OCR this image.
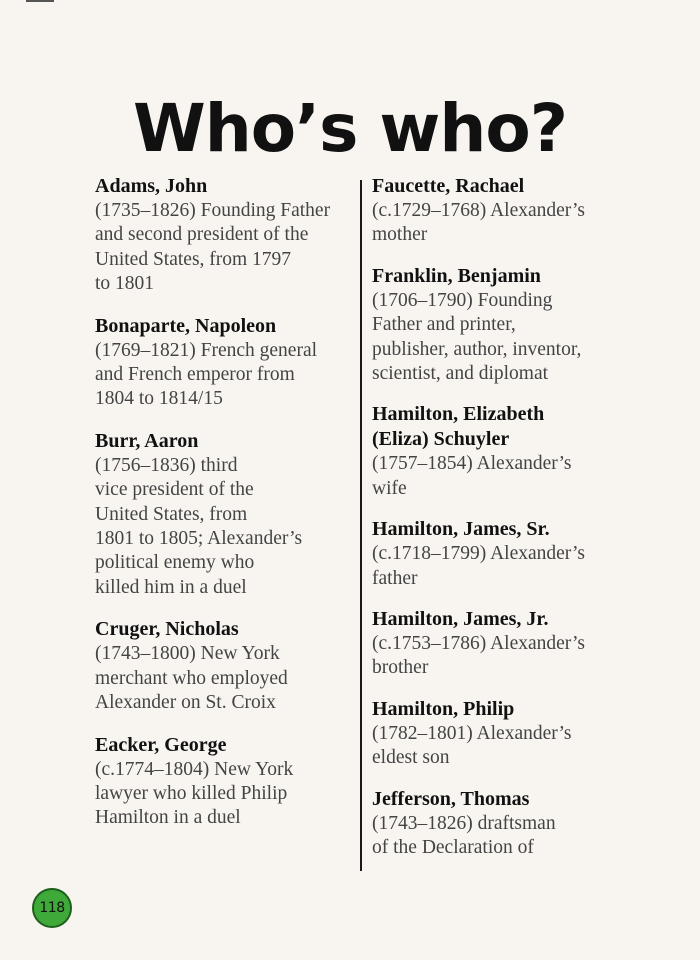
Who’s who?
Adams, John
(1735–1826) Founding Father
and second president of the
United States, from 1797
to 1801
Bonaparte, Napoleon
(1769–1821) French general
and French emperor from
1804 to 1814/15
Burr, Aaron
(1756–1836) third
vice president of the
United States, from
1801 to 1805; Alexander’s
political enemy who
killed him in a duel
Cruger, Nicholas
(1743–1800) New York
merchant who employed
Alexander on St. Croix
Eacker, George
(c.1774–1804) New York
lawyer who killed Philip
Hamilton in a duel
Faucette, Rachael
(c.1729–1768) Alexander’s
mother
Franklin, Benjamin
(1706–1790) Founding
Father and printer,
publisher, author, inventor,
scientist, and diplomat
Hamilton, Elizabeth
(Eliza) Schuyler
(1757–1854) Alexander’s
wife
Hamilton, James, Sr.
(c.1718–1799) Alexander’s
father
Hamilton, James, Jr.
(c.1753–1786) Alexander’s
brother
Hamilton, Philip
(1782–1801) Alexander’s
eldest son
Jefferson, Thomas
(1743–1826) draftsman
of the Declaration of
118
